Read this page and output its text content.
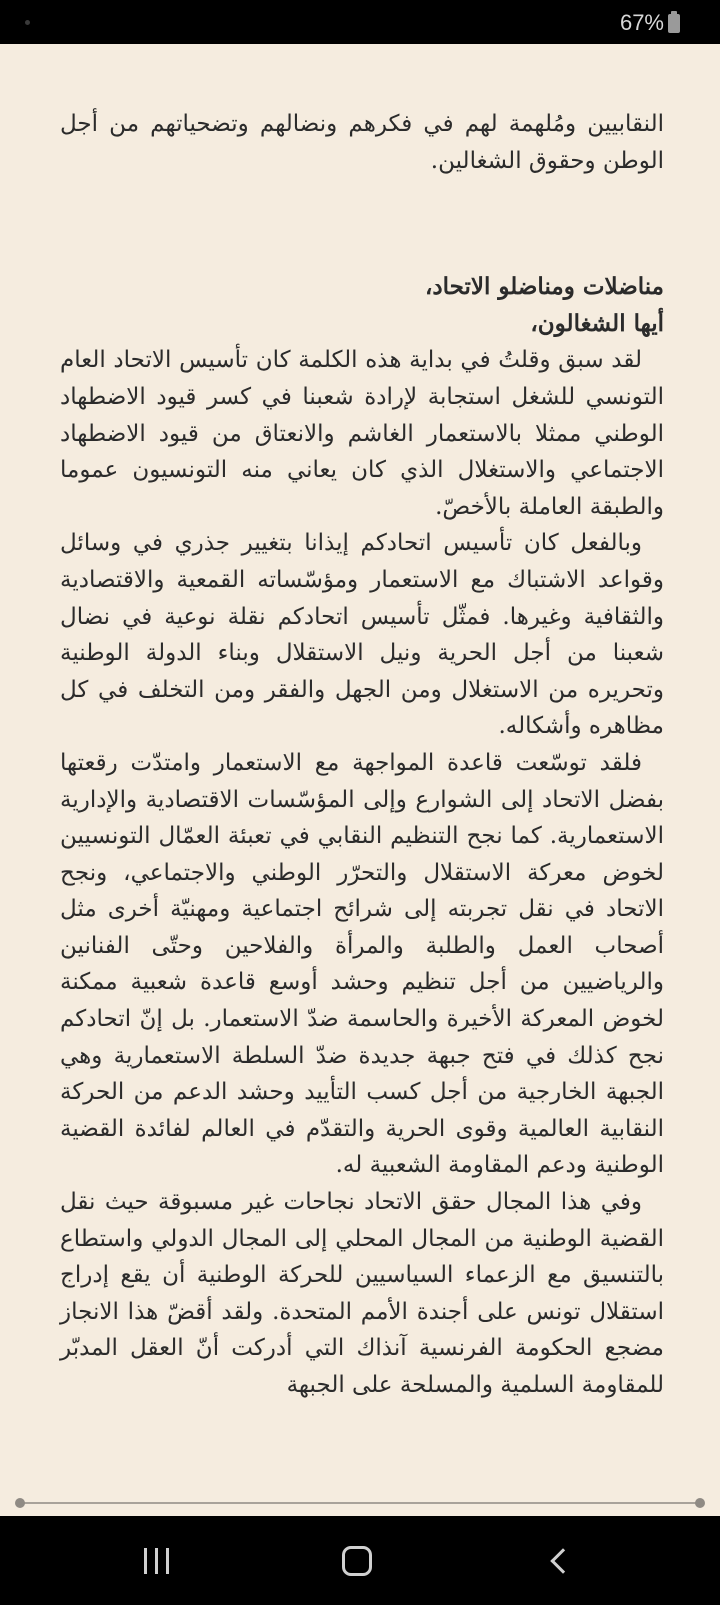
67%

النقابيين ومُلهمة لهم في فكرهم ونضالهم وتضحياتهم من أجل الوطن وحقوق الشغالين.

مناضلات ومناضلو الاتحاد،
أيها الشغالون،

لقد سبق وقلتُ في بداية هذه الكلمة كان تأسيس الاتحاد العام التونسي للشغل استجابة لإرادة شعبنا في كسر قيود الاضطهاد الوطني ممثلا بالاستعمار الغاشم والانعتاق من قيود الاضطهاد الاجتماعي والاستغلال الذي كان يعاني منه التونسيون عموما والطبقة العاملة بالأخصّ.

وبالفعل كان تأسيس اتحادكم إيذانا بتغيير جذري في وسائل وقواعد الاشتباك مع الاستعمار ومؤسّساته القمعية والاقتصادية والثقافية وغيرها. فمثّل تأسيس اتحادكم نقلة نوعية في نضال شعبنا من أجل الحرية ونيل الاستقلال وبناء الدولة الوطنية وتحريره من الاستغلال ومن الجهل والفقر ومن التخلف في كل مظاهره وأشكاله.

فلقد توسّعت قاعدة المواجهة مع الاستعمار وامتدّت رقعتها بفضل الاتحاد إلى الشوارع وإلى المؤسّسات الاقتصادية والإدارية الاستعمارية. كما نجح التنظيم النقابي في تعبئة العمّال التونسيين لخوض معركة الاستقلال والتحرّر الوطني والاجتماعي، ونجح الاتحاد في نقل تجربته إلى شرائح اجتماعية ومهنيّة أخرى مثل أصحاب العمل والطلبة والمرأة والفلاحين وحتّى الفنانين والرياضيين من أجل تنظيم وحشد أوسع قاعدة شعبية ممكنة لخوض المعركة الأخيرة والحاسمة ضدّ الاستعمار. بل إنّ اتحادكم نجح كذلك في فتح جبهة جديدة ضدّ السلطة الاستعمارية وهي الجبهة الخارجية من أجل كسب التأييد وحشد الدعم من الحركة النقابية العالمية وقوى الحرية والتقدّم في العالم لفائدة القضية الوطنية ودعم المقاومة الشعبية له.

وفي هذا المجال حقق الاتحاد نجاحات غير مسبوقة حيث نقل القضية الوطنية من المجال المحلي إلى المجال الدولي واستطاع بالتنسيق مع الزعماء السياسيين للحركة الوطنية أن يقع إدراج استقلال تونس على أجندة الأمم المتحدة. ولقد أقضّ هذا الانجاز مضجع الحكومة الفرنسية آنذاك التي أدركت أنّ العقل المدبّر للمقاومة السلمية والمسلحة على الجبهة
